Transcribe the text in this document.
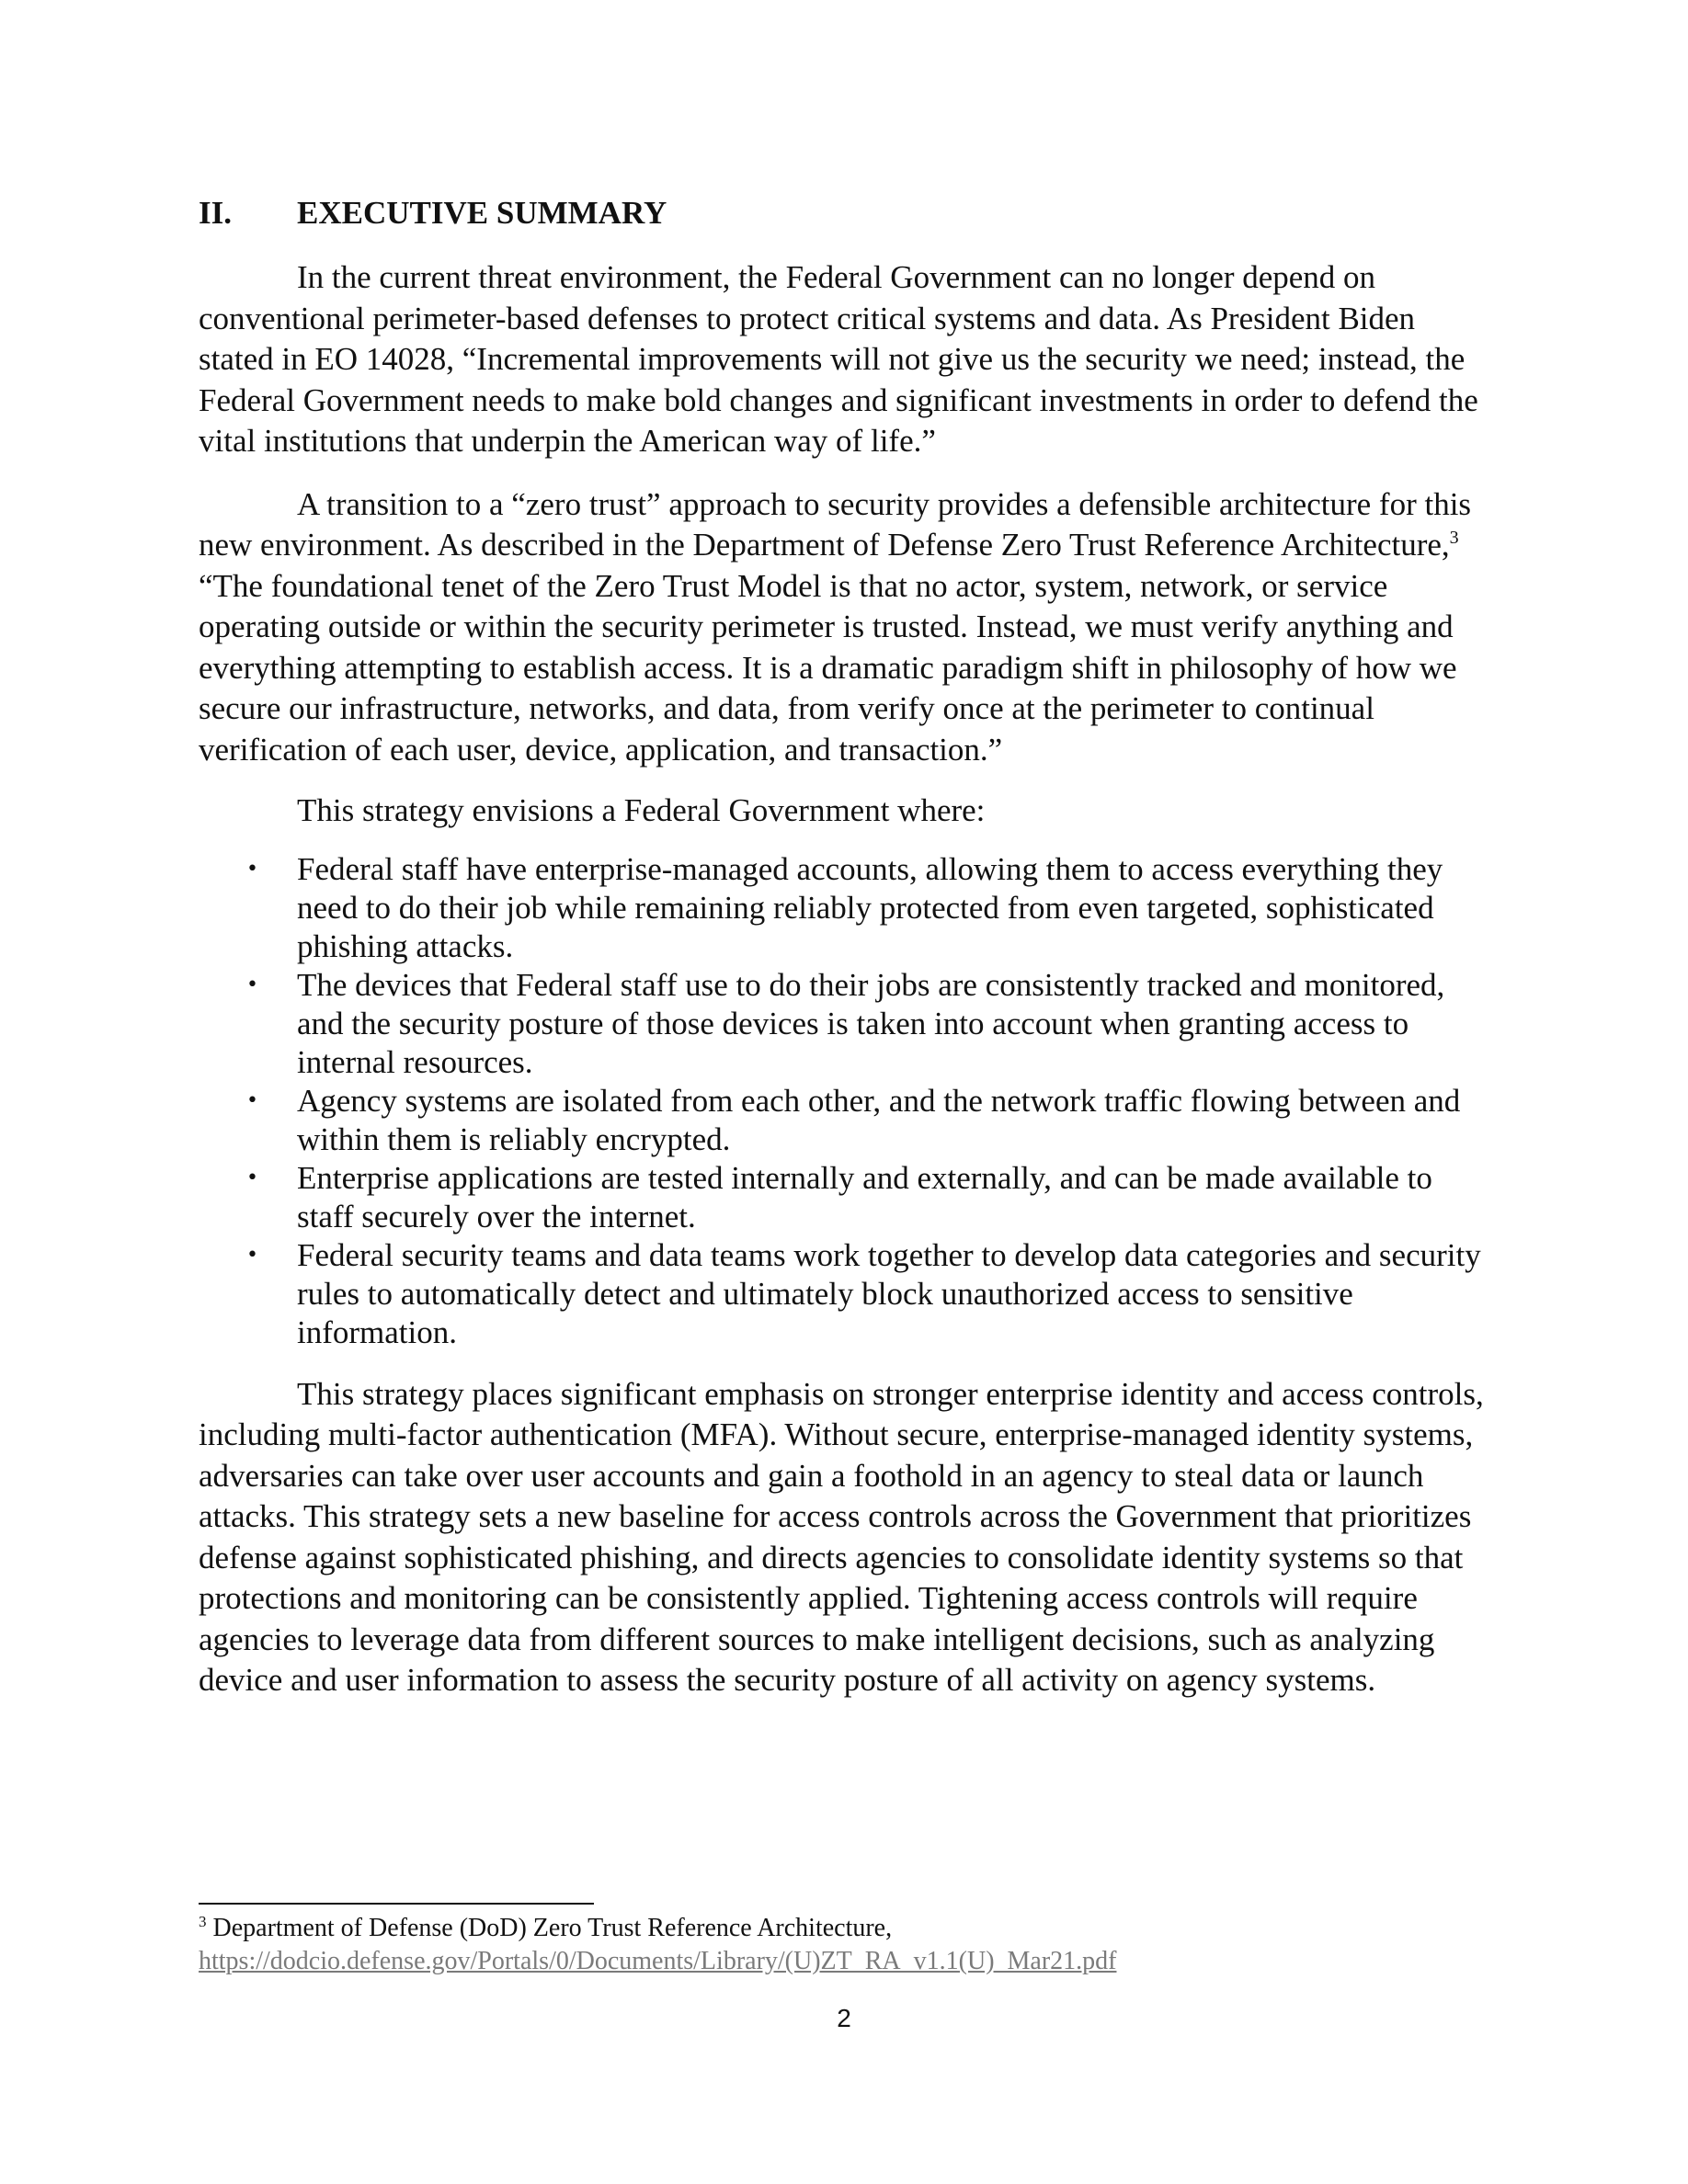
II.	EXECUTIVE SUMMARY

In the current threat environment, the Federal Government can no longer depend on conventional perimeter-based defenses to protect critical systems and data. As President Biden stated in EO 14028, “Incremental improvements will not give us the security we need; instead, the Federal Government needs to make bold changes and significant investments in order to defend the vital institutions that underpin the American way of life.”

A transition to a “zero trust” approach to security provides a defensible architecture for this new environment. As described in the Department of Defense Zero Trust Reference Architecture,$^3$ “The foundational tenet of the Zero Trust Model is that no actor, system, network, or service operating outside or within the security perimeter is trusted. Instead, we must verify anything and everything attempting to establish access. It is a dramatic paradigm shift in philosophy of how we secure our infrastructure, networks, and data, from verify once at the perimeter to continual verification of each user, device, application, and transaction.”

This strategy envisions a Federal Government where:

• Federal staff have enterprise-managed accounts, allowing them to access everything they need to do their job while remaining reliably protected from even targeted, sophisticated phishing attacks.
• The devices that Federal staff use to do their jobs are consistently tracked and monitored, and the security posture of those devices is taken into account when granting access to internal resources.
• Agency systems are isolated from each other, and the network traffic flowing between and within them is reliably encrypted.
• Enterprise applications are tested internally and externally, and can be made available to staff securely over the internet.
• Federal security teams and data teams work together to develop data categories and security rules to automatically detect and ultimately block unauthorized access to sensitive information.

This strategy places significant emphasis on stronger enterprise identity and access controls, including multi-factor authentication (MFA). Without secure, enterprise-managed identity systems, adversaries can take over user accounts and gain a foothold in an agency to steal data or launch attacks. This strategy sets a new baseline for access controls across the Government that prioritizes defense against sophisticated phishing, and directs agencies to consolidate identity systems so that protections and monitoring can be consistently applied. Tightening access controls will require agencies to leverage data from different sources to make intelligent decisions, such as analyzing device and user information to assess the security posture of all activity on agency systems.

$^3$ Department of Defense (DoD) Zero Trust Reference Architecture,
https://dodcio.defense.gov/Portals/0/Documents/Library/(U)ZT_RA_v1.1(U)_Mar21.pdf
2
